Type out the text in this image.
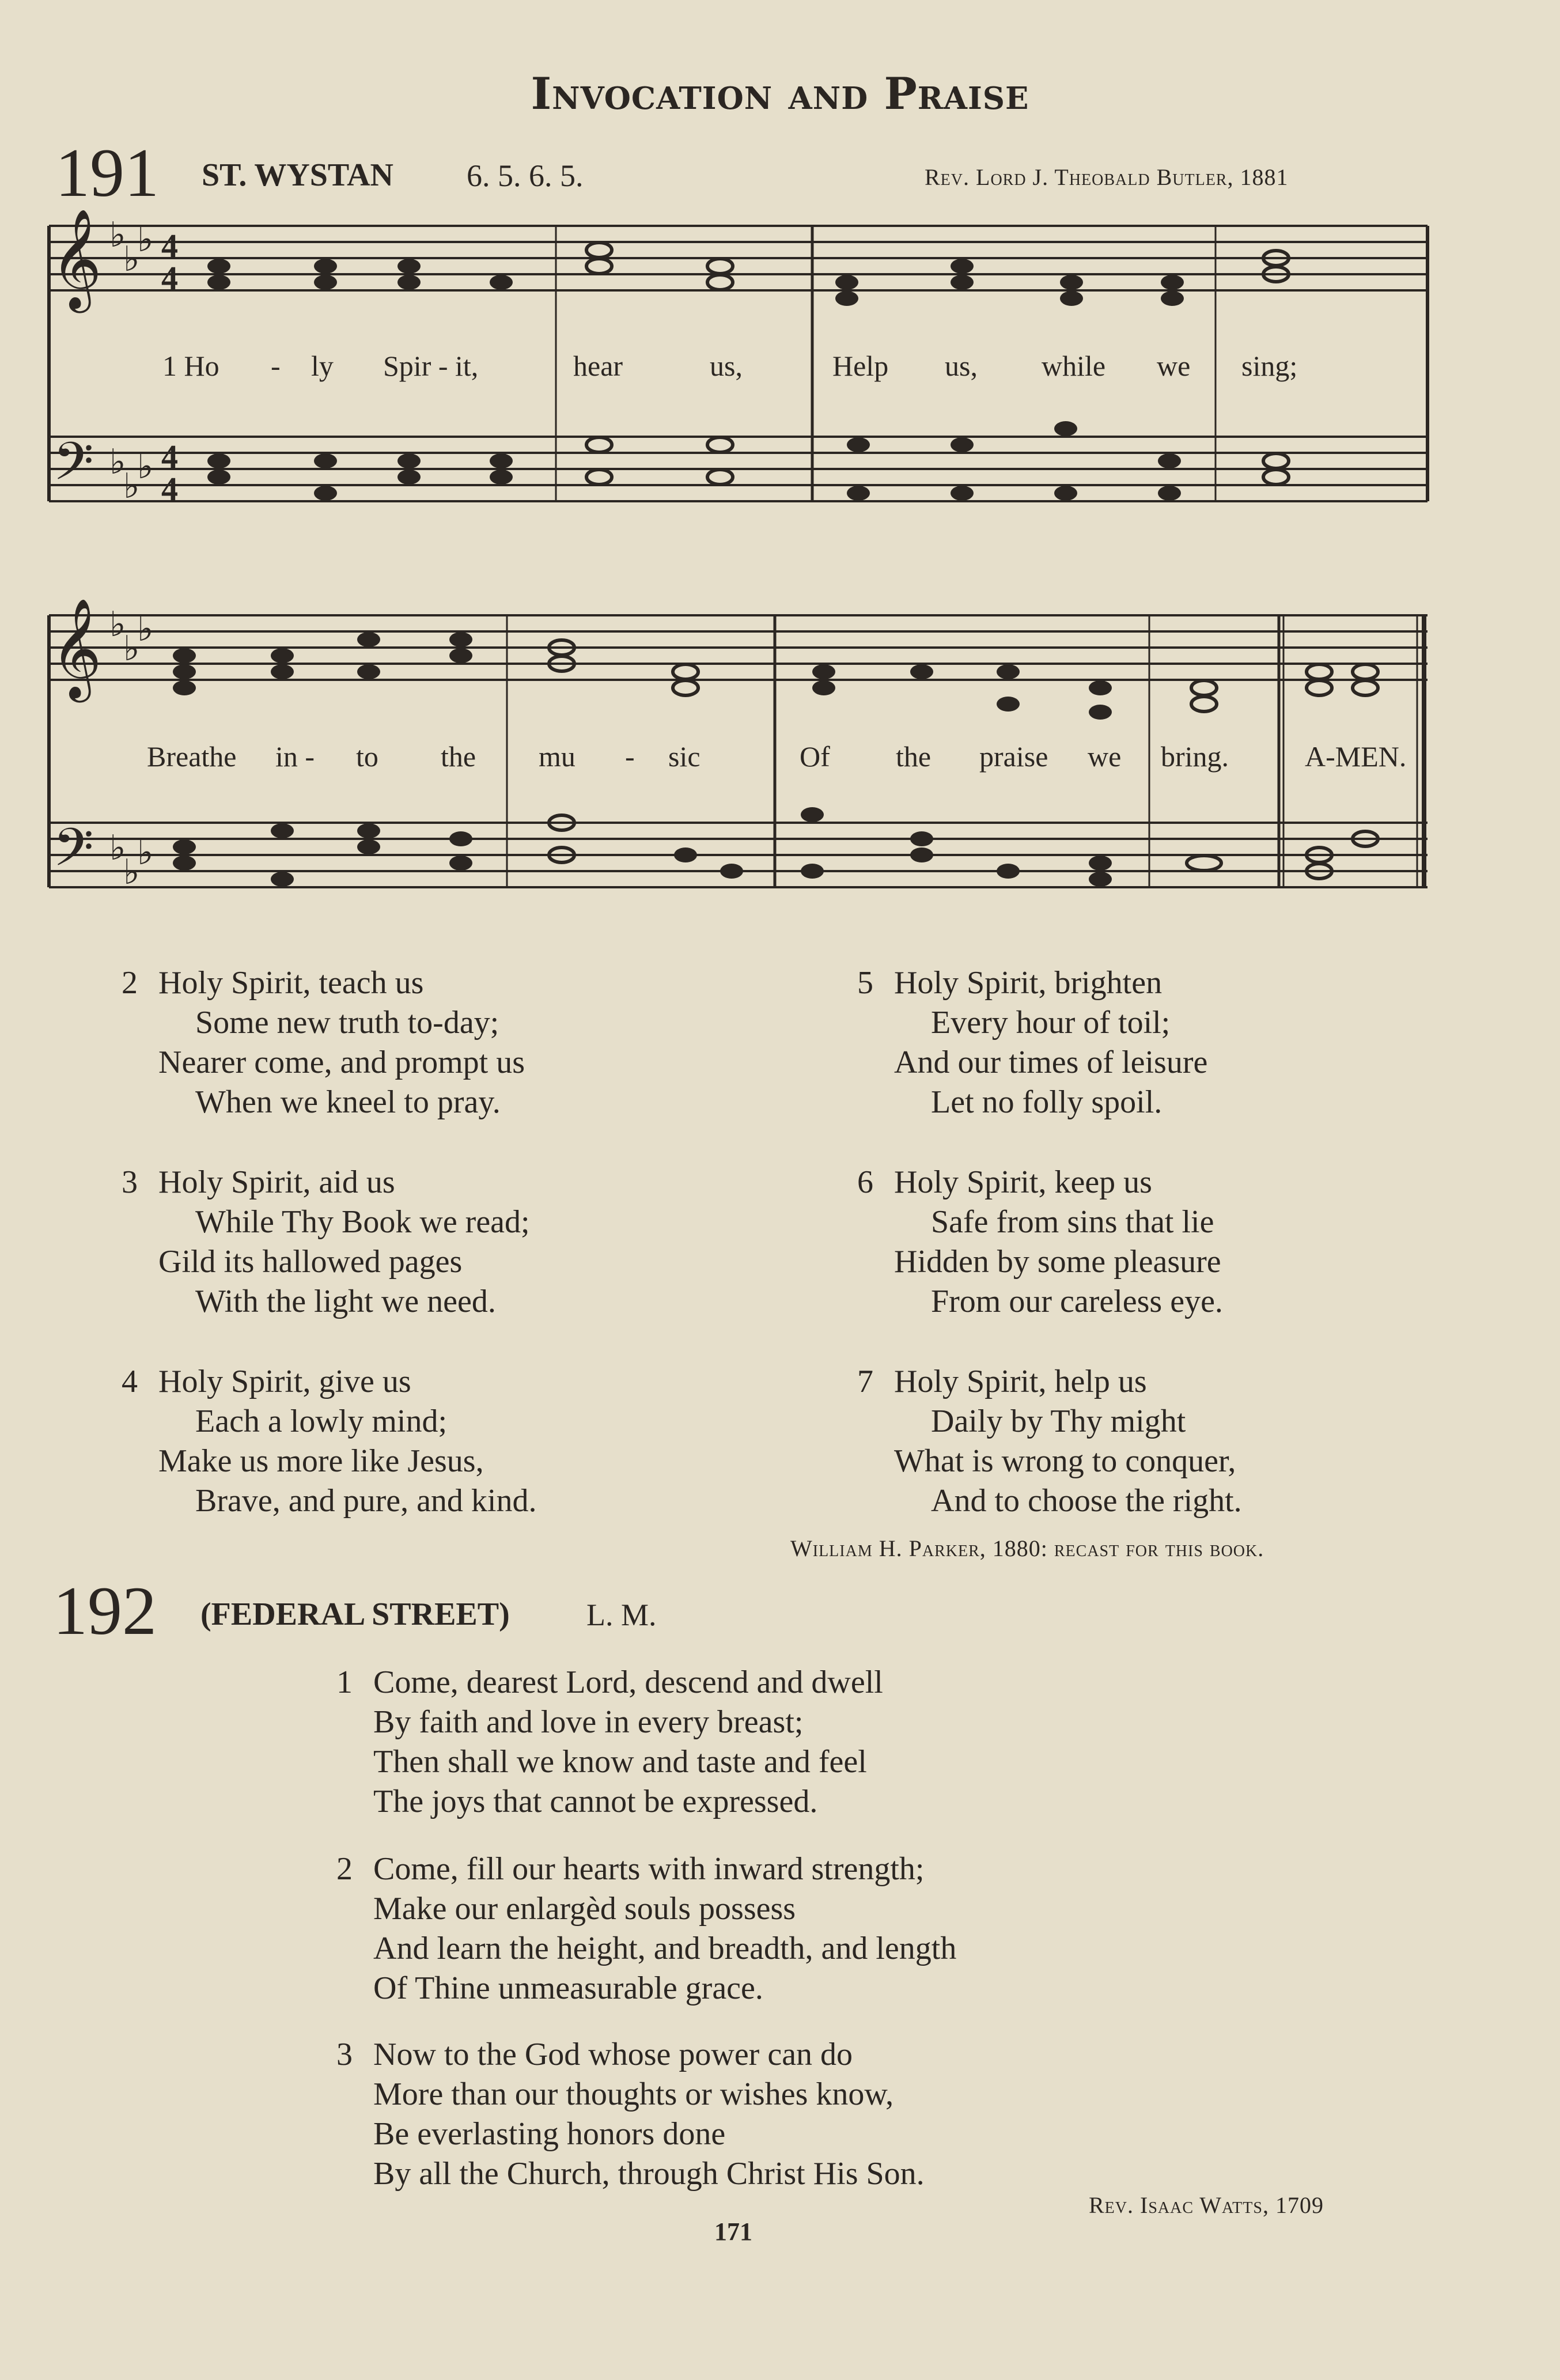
Invocation and Praise
191 ST. WYSTAN 6. 5. 6. 5.	Rev. Lord J. Theobald Butler, 1881
𝄞
𝄢
𝄞
𝄢
♭
♭
♭
♭
♭
♭
♭
♭
♭
♭
♭
♭
4
4
4
4
1 Ho - ly Spir - it,	hear	us,	Help us, while we sing;
Breathe in - to the mu - sic	Of the praise we bring.	A-MEN.
2 Holy Spirit, teach us
Some new truth to-day;
Nearer come, and prompt us
When we kneel to pray.
3 Holy Spirit, aid us
While Thy Book we read;
Gild its hallowed pages
With the light we need.
4 Holy Spirit, give us
Each a lowly mind;
Make us more like Jesus,
Brave, and pure, and kind.
5 Holy Spirit, brighten
Every hour of toil;
And our times of leisure
Let no folly spoil.
6 Holy Spirit, keep us
Safe from sins that lie
Hidden by some pleasure
From our careless eye.
7 Holy Spirit, help us
Daily by Thy might
What is wrong to conquer,
And to choose the right.
William H. Parker, 1880: recast for this book.
192 (FEDERAL STREET) L. M.
1 Come, dearest Lord, descend and dwell
By faith and love in every breast;
Then shall we know and taste and feel
The joys that cannot be expressed.
2 Come, fill our hearts with inward strength;
Make our enlargèd souls possess
And learn the height, and breadth, and length
Of Thine unmeasurable grace.
3 Now to the God whose power can do
More than our thoughts or wishes know,
Be everlasting honors done
By all the Church, through Christ His Son.
Rev. Isaac Watts, 1709
171
